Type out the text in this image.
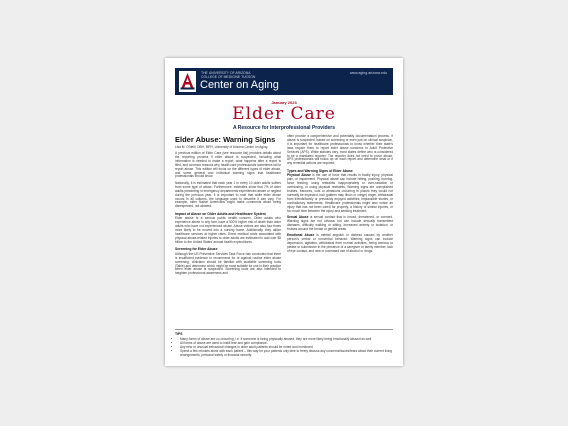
THE UNIVERSITY OF ARIZONA
COLLEGE OF MEDICINE TUCSON
Center on Aging
www.aging.arizona.edu
January 2023
Elder Care
A Resource for Interprofessional Providers
Elder Abuse: Warning Signs
Lisa M. O'Neill, DBH, MPH, University of Arizona Center on Aging

A previous edition of Elder Care (see resource list) provides details about the reporting process if elder abuse is suspected, including what information is needed to make a report, what happens after a report is filed, and common reasons why health care professionals sometimes fail to report abuse. This edition will focus on the different types of elder abuse, and some general and individual warning signs that healthcare professionals should know.

Nationally, it is estimated that each year 1 in every 10 older adults suffers from some type of abuse. Furthermore, estimates show that 7% of older adults presenting in emergency departments experienced abuse or neglect during the previous year. It is important to note that while elder abuse occurs in all cultures, the language used to describe it can vary. For example, older Native Americans might make comments about being disrespected, not allowed.

Impact of Abuse on Older Adults and Healthcare System

Elder abuse is a serious public health concern. Older adults who experience abuse in any form have a 300% higher risk of death than older adults who have not experienced abuse. Abuse victims are also four times more likely to be moved into a nursing home. Additionally, they utilize healthcare services at higher rates. Direct medical costs associated with physical abuse-related injuries to older adults are estimated to add over $5 billion to the United States' annual health expenditures.

Screening for Elder Abuse

Although the US Preventive Services Task Force has concluded that there is insufficient evidence to recommend for or against routine elder abuse screening, clinicians should be familiar with available screening tools (Table) and determine which might be most suitable for use in their practice when elder abuse is suspected. Screening tools are also intended to heighten professional awareness and

often provide a comprehensive and potentially documentation process. If abuse is suspected, based on screening or even just on clinical suspicion, it is important for healthcare professionals to know whether their state's laws require them to report elder abuse concerns to Adult Protective Services (APS). While statutes vary, most states define who is considered to be a mandated reporter. The reporter does not need to prove abuse. APS professionals will follow up on each report and determine what or if any remedial actions are required.

Types and Warning Signs of Elder Abuse

Physical Abuse is the use of force that results in bodily injury, physical pain, or impairment. Physical abuse can include hitting, pushing, burning, force feeding, using restraints inappropriately or over-sedation or overdosing, or using physical restraints. Warning signs are unexplained bruises, fractures, cuts or abrasions occurring in places they would not normally be expected, hair (pattern may flinch or cringe) anger, withdrawal from friends/family or previously enjoyed activities; implausible stories, or contradictory statements. Healthcare professionals might also notice an injury that has not been cared for properly, a history of similar injuries, or too much time between the injury and seeking treatment.

Sexual Abuse is sexual contact that is forced, threatened, or coerced. Warning signs are not obvious but can include sexually transmitted diseases, difficulty walking or sitting, increased anxiety or isolation, or bruises around the breast or genital areas.

Emotional Abuse is mental anguish or distress caused by another person's verbal or nonverbal behavior. Warning signs can include depression, agitation, withdrawal from normal activities, being anxious to please or submissive in the presence of a caregiver or family member, lack of eye contact, and new or increased use of alcohol or drugs.

TIPS
• Many forms of abuse are co-occurring, i.e. if someone is being physically abused, they are more likely being emotionally abused as well.
• All forms of abuse are used to instill fear and gain compliance.
• Any new or unusual behavioral changes in older adult patients should be noted and monitored.
• Spend a few minutes alone with each patient – this way for your patients only time to freely discuss any concerns/issues/fears about their current living arrangements, personal safety or financial security.
